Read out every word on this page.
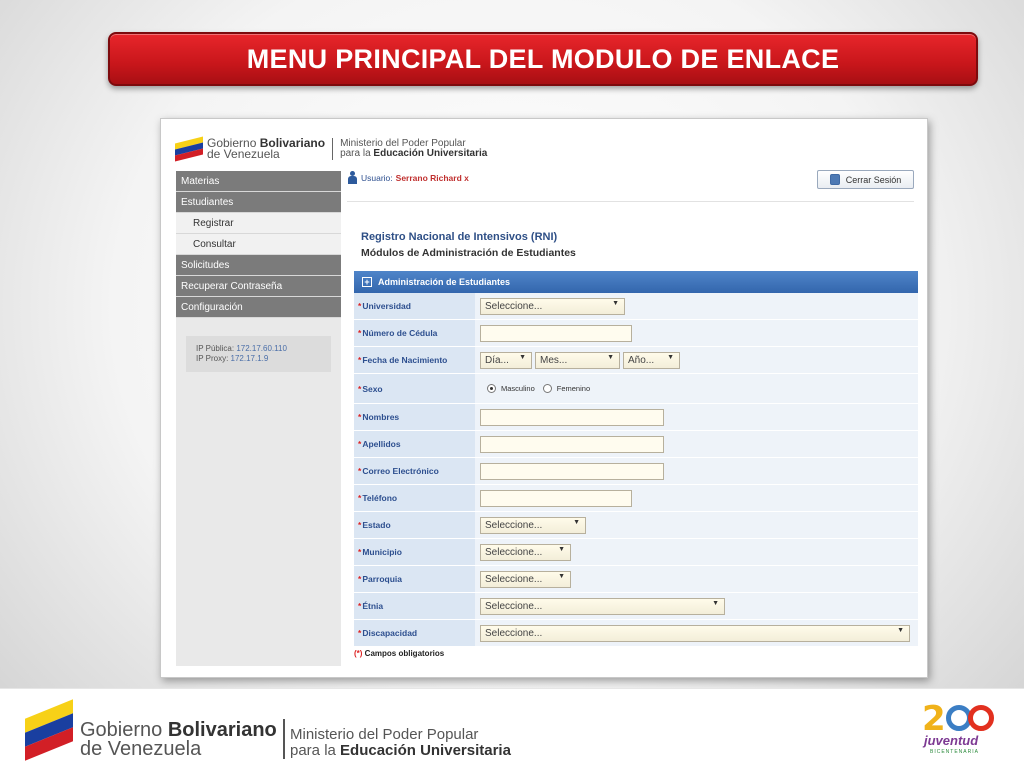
MENU PRINCIPAL DEL MODULO DE ENLACE
Gobierno Bolivariano
de Venezuela
Ministerio del Poder Popular
para la Educación Universitaria
Materias
Estudiantes
Registrar
Consultar
Solicitudes
Recuperar Contraseña
Configuración
IP Pública: 172.17.60.110
IP Proxy: 172.17.1.9
Usuario: Serrano Richard x	Cerrar Sesión
Registro Nacional de Intensivos (RNI)
Módulos de Administración de Estudiantes
+ Administración de Estudiantes
* Universidad	Seleccione...	▼
* Número de Cédula
* Fecha de Nacimiento	Día... ▼ Mes...	▼ Año... ▼
* Sexo	Masculino	Femenino
* Nombres
* Apellidos
* Correo Electrónico
* Teléfono
* Estado	Seleccione...	▼
* Municipio	Seleccione... ▼
* Parroquia	Seleccione... ▼
* Étnia	Seleccione...	▼
* Discapacidad	Seleccione...	▼
(*) Campos obligatorios
Gobierno Bolivariano
de Venezuela
Ministerio del Poder Popular
para la Educación Universitaria
2
juventud
BICENTENARIA
